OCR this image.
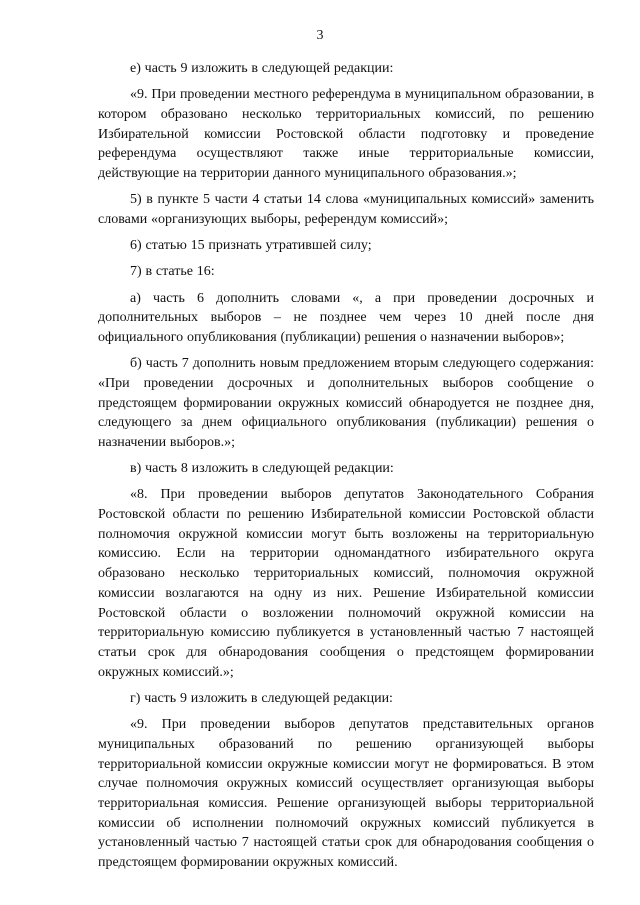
3

е) часть 9 изложить в следующей редакции:

«9. При проведении местного референдума в муниципальном образовании, в котором образовано несколько территориальных комиссий, по решению Избирательной комиссии Ростовской области подготовку и проведение референдума осуществляют также иные территориальные комиссии, действующие на территории данного муниципального образования.»;

5) в пункте 5 части 4 статьи 14 слова «муниципальных комиссий» заменить словами «организующих выборы, референдум комиссий»;

6) статью 15 признать утратившей силу;

7) в статье 16:

а) часть 6 дополнить словами «, а при проведении досрочных и дополнительных выборов – не позднее чем через 10 дней после дня официального опубликования (публикации) решения о назначении выборов»;

б) часть 7 дополнить новым предложением вторым следующего содержания: «При проведении досрочных и дополнительных выборов сообщение о предстоящем формировании окружных комиссий обнародуется не позднее дня, следующего за днем официального опубликования (публикации) решения о назначении выборов.»;

в) часть 8 изложить в следующей редакции:

«8. При проведении выборов депутатов Законодательного Собрания Ростовской области по решению Избирательной комиссии Ростовской области полномочия окружной комиссии могут быть возложены на территориальную комиссию. Если на территории одномандатного избирательного округа образовано несколько территориальных комиссий, полномочия окружной комиссии возлагаются на одну из них. Решение Избирательной комиссии Ростовской области о возложении полномочий окружной комиссии на территориальную комиссию публикуется в установленный частью 7 настоящей статьи срок для обнародования сообщения о предстоящем формировании окружных комиссий.»;

г) часть 9 изложить в следующей редакции:

«9. При проведении выборов депутатов представительных органов муниципальных образований по решению организующей выборы территориальной комиссии окружные комиссии могут не формироваться. В этом случае полномочия окружных комиссий осуществляет организующая выборы территориальная комиссия. Решение организующей выборы территориальной комиссии об исполнении полномочий окружных комиссий публикуется в установленный частью 7 настоящей статьи срок для обнародования сообщения о предстоящем формировании окружных комиссий.
